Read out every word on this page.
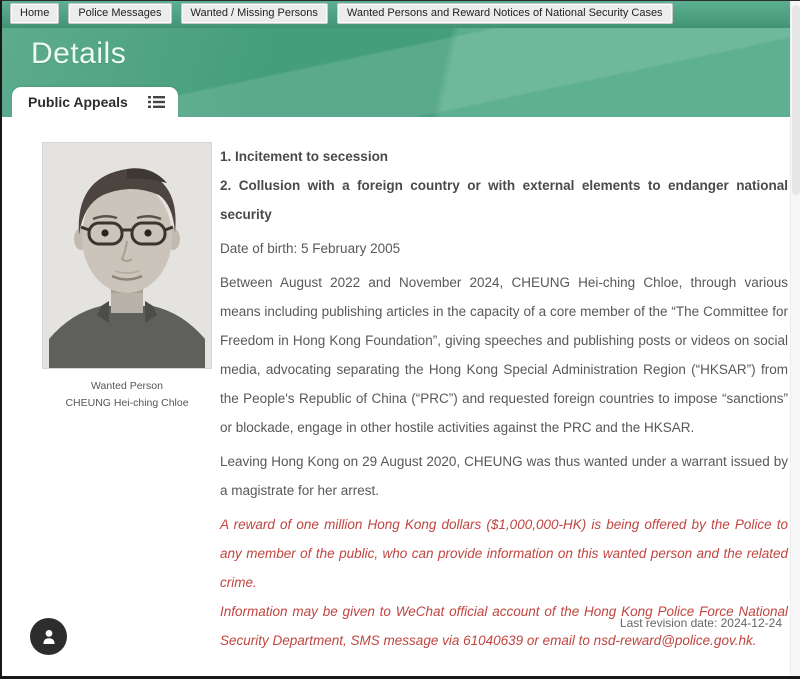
Home	Police Messages	Wanted / Missing Persons	Wanted Persons and Reward Notices of National Security Cases
Details
Public Appeals
Wanted Person
CHEUNG Hei-ching Chloe
1. Incitement to secession
2. Collusion with a foreign country or with external elements to endanger national security

Date of birth: 5 February 2005

Between August 2022 and November 2024, CHEUNG Hei-ching Chloe, through various means including publishing articles in the capacity of a core member of the “The Committee for Freedom in Hong Kong Foundation”, giving speeches and publishing posts or videos on social media, advocating separating the Hong Kong Special Administration Region (“HKSAR”) from the People's Republic of China (“PRC”) and requested foreign countries to impose “sanctions” or blockade, engage in other hostile activities against the PRC and the HKSAR.

Leaving Hong Kong on 29 August 2020, CHEUNG was thus wanted under a warrant issued by a magistrate for her arrest.

A reward of one million Hong Kong dollars ($1,000,000-HK) is being offered by the Police to any member of the public, who can provide information on this wanted person and the related crime.

Information may be given to WeChat official account of the Hong Kong Police Force National Security Department, SMS message via 61040639 or email to nsd-reward@police.gov.hk.

Last revision date: 2024-12-24
